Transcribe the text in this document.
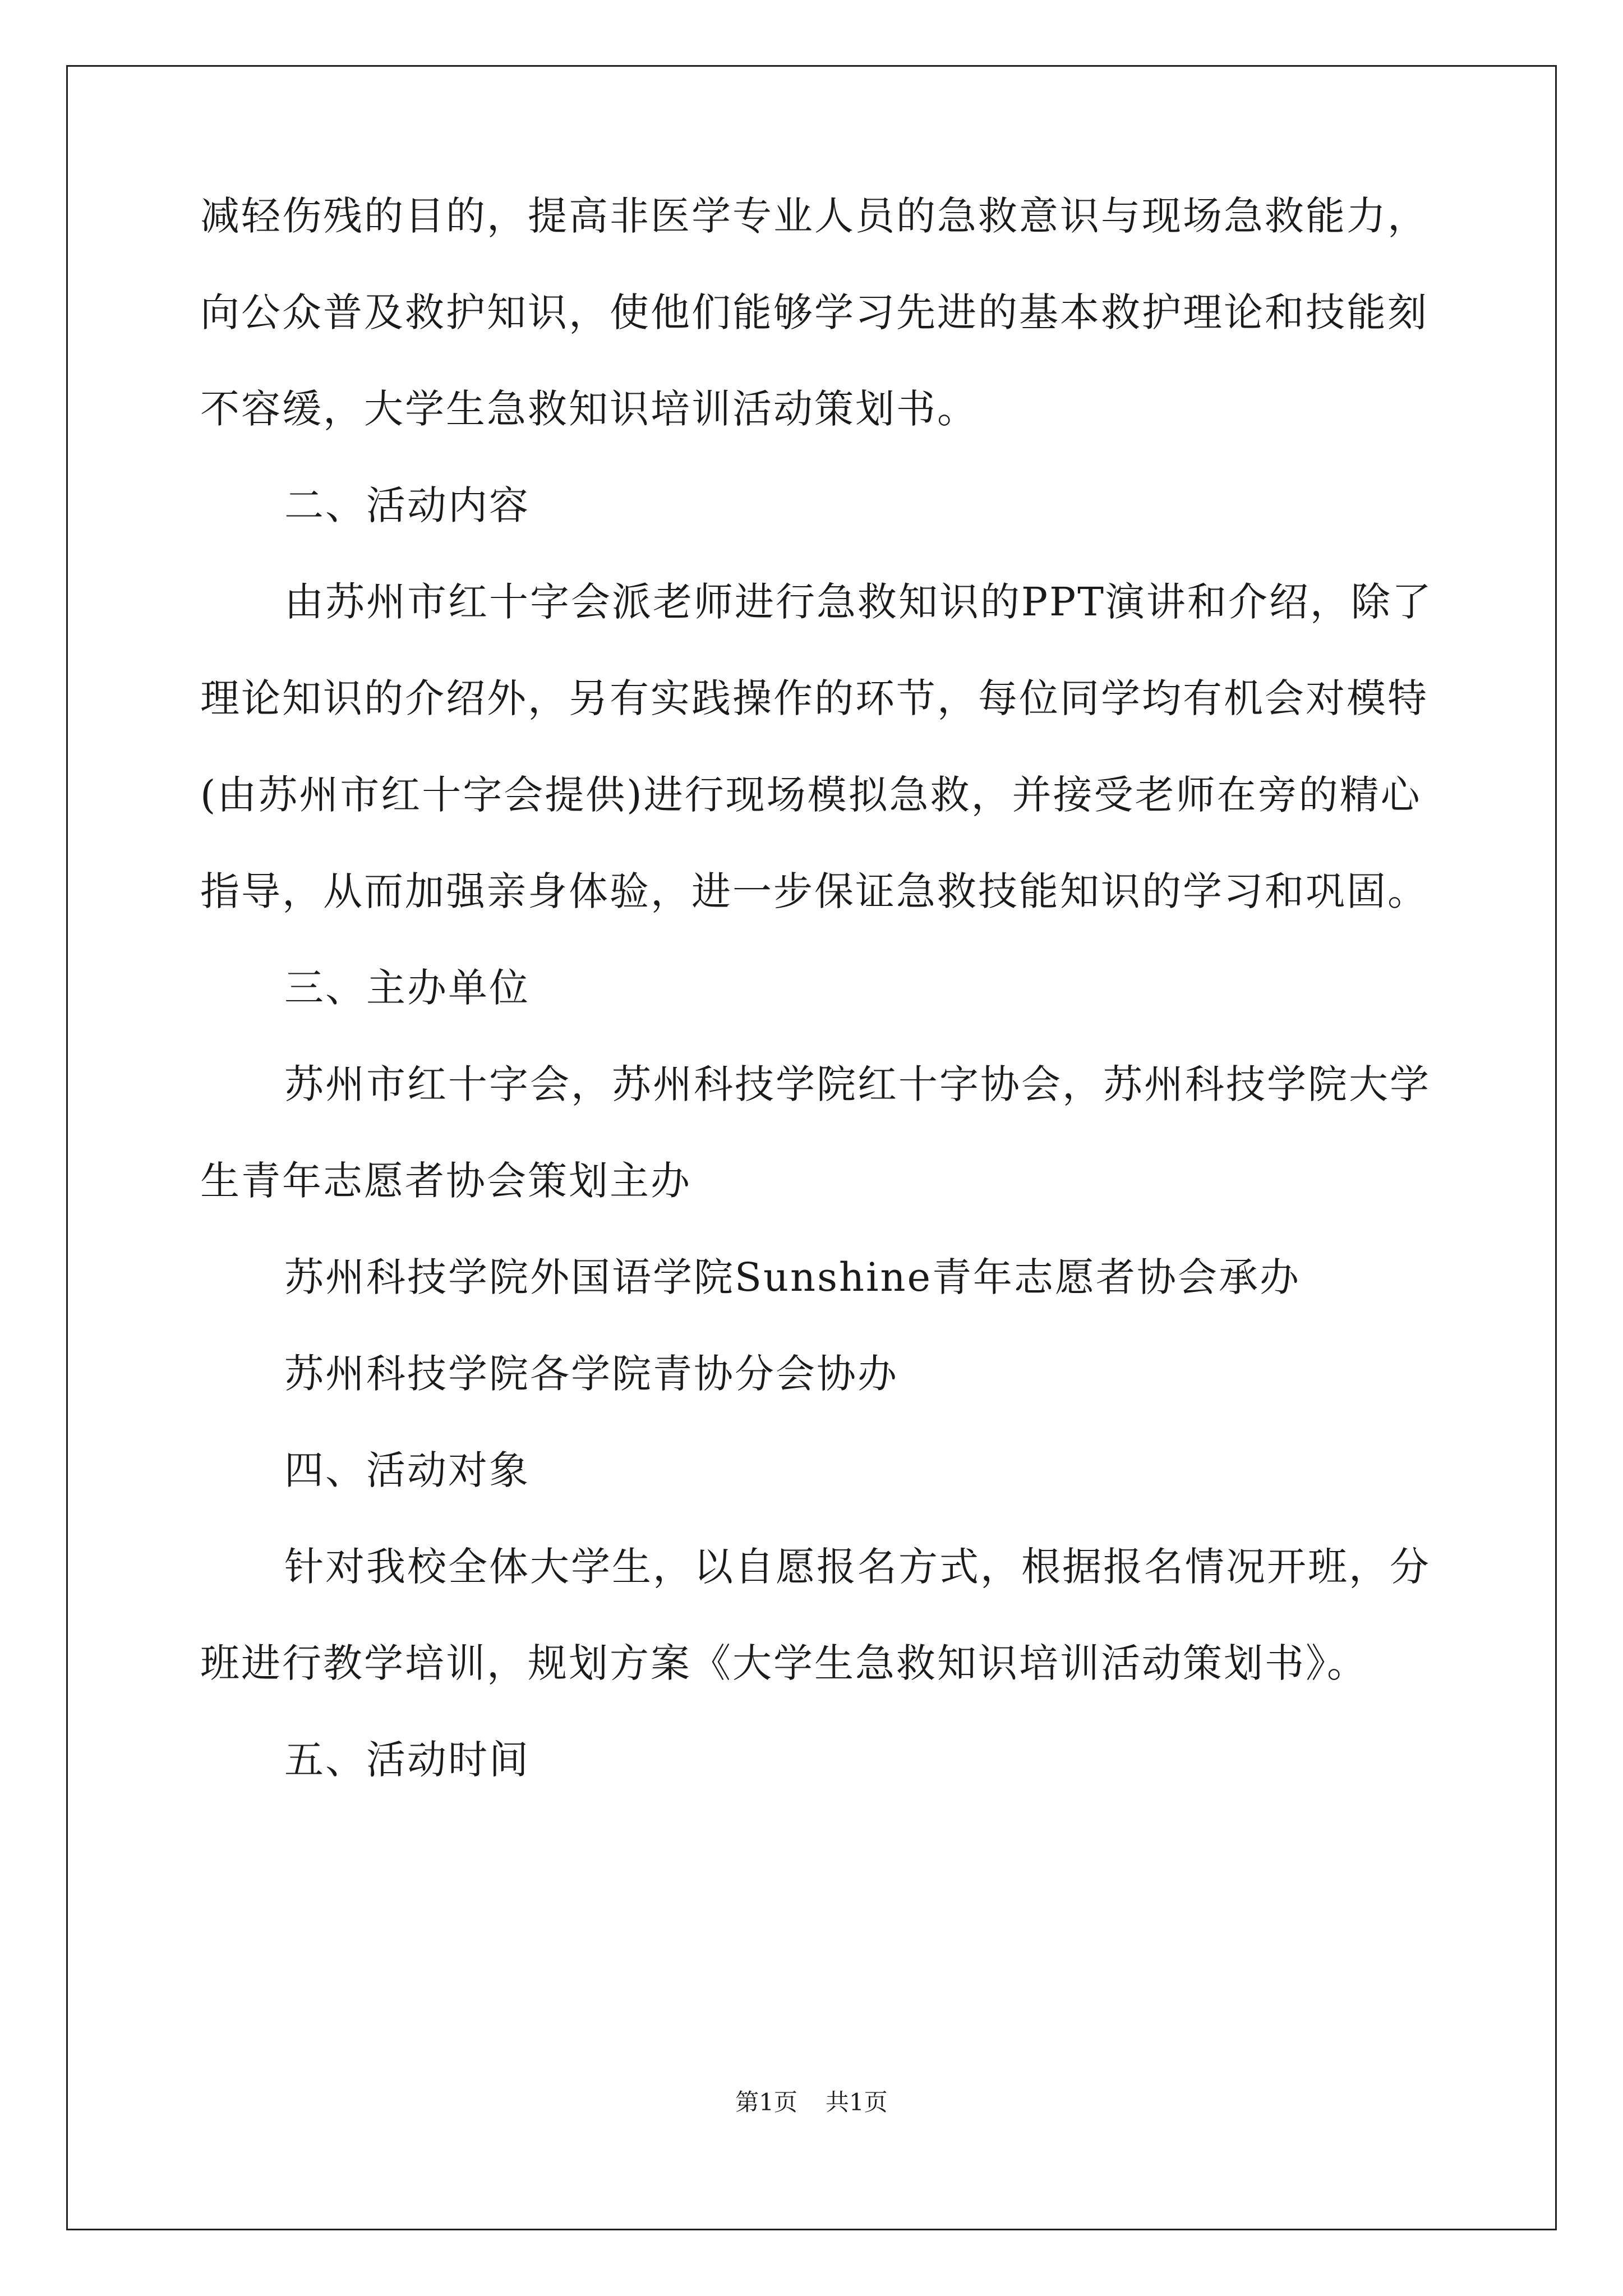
减轻伤残的目的，提高非医学专业人员的急救意识与现场急救能力，
向公众普及救护知识，使他们能够学习先进的基本救护理论和技能刻
不容缓，大学生急救知识培训活动策划书。
二、活动内容
由苏州市红十字会派老师进行急救知识的PPT演讲和介绍，除了
理论知识的介绍外，另有实践操作的环节，每位同学均有机会对模特
(由苏州市红十字会提供)进行现场模拟急救，并接受老师在旁的精心
指导，从而加强亲身体验，进一步保证急救技能知识的学习和巩固。
三、主办单位
苏州市红十字会，苏州科技学院红十字协会，苏州科技学院大学
生青年志愿者协会策划主办
苏州科技学院外国语学院Sunshine青年志愿者协会承办
苏州科技学院各学院青协分会协办
四、活动对象
针对我校全体大学生，以自愿报名方式，根据报名情况开班，分
班进行教学培训，规划方案《大学生急救知识培训活动策划书》。
五、活动时间
第1页 共1页
